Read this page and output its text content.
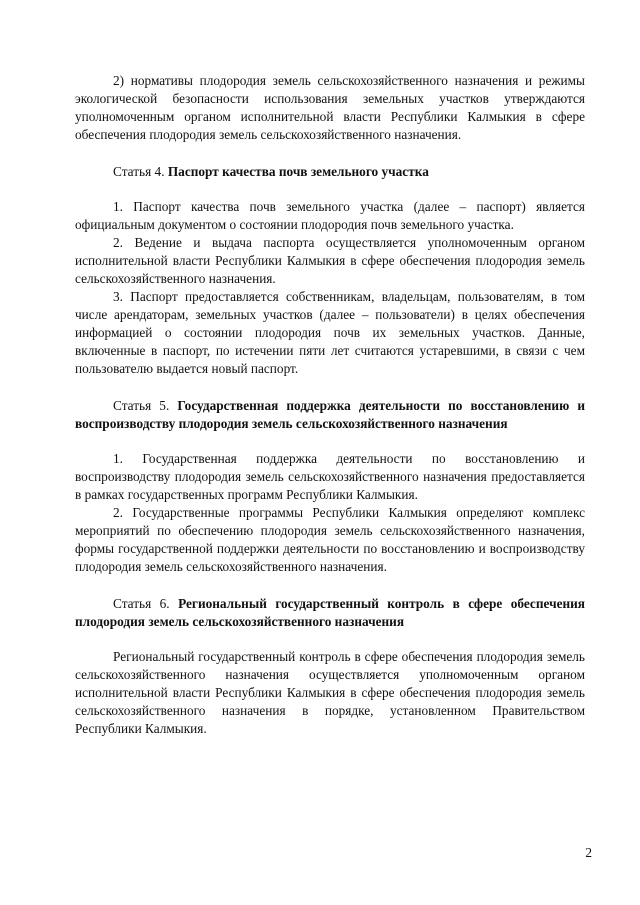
2) нормативы плодородия земель сельскохозяйственного назначения и режимы экологической безопасности использования земельных участков утверждаются уполномоченным органом исполнительной власти Республики Калмыкия в сфере обеспечения плодородия земель сельскохозяйственного назначения.

Статья 4. Паспорт качества почв земельного участка

1. Паспорт качества почв земельного участка (далее – паспорт) является официальным документом о состоянии плодородия почв земельного участка.

2. Ведение и выдача паспорта осуществляется уполномоченным органом исполнительной власти Республики Калмыкия в сфере обеспечения плодородия земель сельскохозяйственного назначения.

3. Паспорт предоставляется собственникам, владельцам, пользователям, в том числе арендаторам, земельных участков (далее – пользователи) в целях обеспечения информацией о состоянии плодородия почв их земельных участков. Данные, включенные в паспорт, по истечении пяти лет считаются устаревшими, в связи с чем пользователю выдается новый паспорт.

Статья 5. Государственная поддержка деятельности по восстановлению и воспроизводству плодородия земель сельскохозяйственного назначения

1. Государственная поддержка деятельности по восстановлению и воспроизводству плодородия земель сельскохозяйственного назначения предоставляется в рамках государственных программ Республики Калмыкия.

2. Государственные программы Республики Калмыкия определяют комплекс мероприятий по обеспечению плодородия земель сельскохозяйственного назначения, формы государственной поддержки деятельности по восстановлению и воспроизводству плодородия земель сельскохозяйственного назначения.

Статья 6. Региональный государственный контроль в сфере обеспечения плодородия земель сельскохозяйственного назначения

Региональный государственный контроль в сфере обеспечения плодородия земель сельскохозяйственного назначения осуществляется уполномоченным органом исполнительной власти Республики Калмыкия в сфере обеспечения плодородия земель сельскохозяйственного назначения в порядке, установленном Правительством Республики Калмыкия.

2
